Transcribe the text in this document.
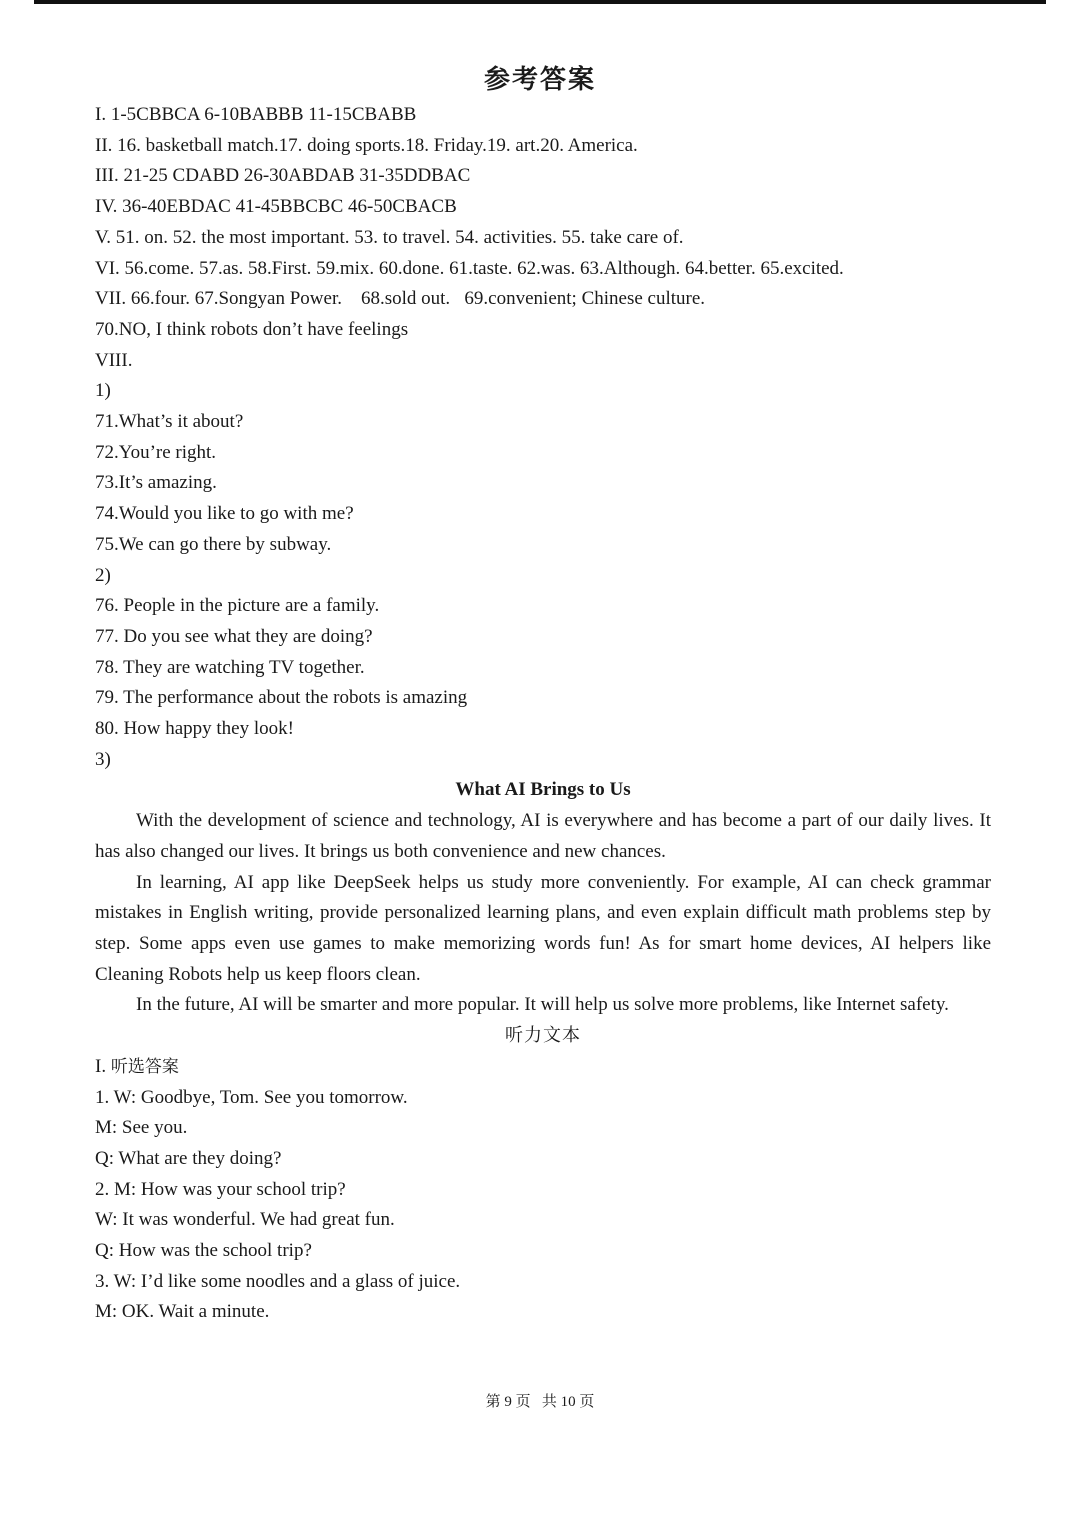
参考答案
I. 1-5CBBCA 6-10BABBB 11-15CBABB
II. 16. basketball match.17. doing sports.18. Friday.19. art.20. America.
III. 21-25 CDABD 26-30ABDAB 31-35DDBAC
IV. 36-40EBDAC 41-45BBCBC 46-50CBACB
V. 51. on. 52. the most important. 53. to travel. 54. activities. 55. take care of.
VI. 56.come. 57.as. 58.First. 59.mix. 60.done. 61.taste. 62.was. 63.Although. 64.better. 65.excited.
VII. 66.four. 67.Songyan Power.    68.sold out.   69.convenient; Chinese culture.
70.NO, I think robots don’t have feelings
VIII.
1)
71.What’s it about?
72.You’re right.
73.It’s amazing.
74.Would you like to go with me?
75.We can go there by subway.
2)
76. People in the picture are a family.
77. Do you see what they are doing?
78. They are watching TV together.
79. The performance about the robots is amazing
80. How happy they look!
3)
What AI Brings to Us
With the development of science and technology, AI is everywhere and has become a part of our daily lives. It has also changed our lives. It brings us both convenience and new chances.
In learning, AI app like DeepSeek helps us study more conveniently. For example, AI can check grammar mistakes in English writing, provide personalized learning plans, and even explain difficult math problems step by step. Some apps even use games to make memorizing words fun! As for smart home devices, AI helpers like Cleaning Robots help us keep floors clean.
In the future, AI will be smarter and more popular. It will help us solve more problems, like Internet safety.
听力文本
I. 听选答案
1. W: Goodbye, Tom. See you tomorrow.
M: See you.
Q: What are they doing?
2. M: How was your school trip?
W: It was wonderful. We had great fun.
Q: How was the school trip?
3. W: I’d like some noodles and a glass of juice.
M: OK. Wait a minute.
第 9 页   共 10 页
